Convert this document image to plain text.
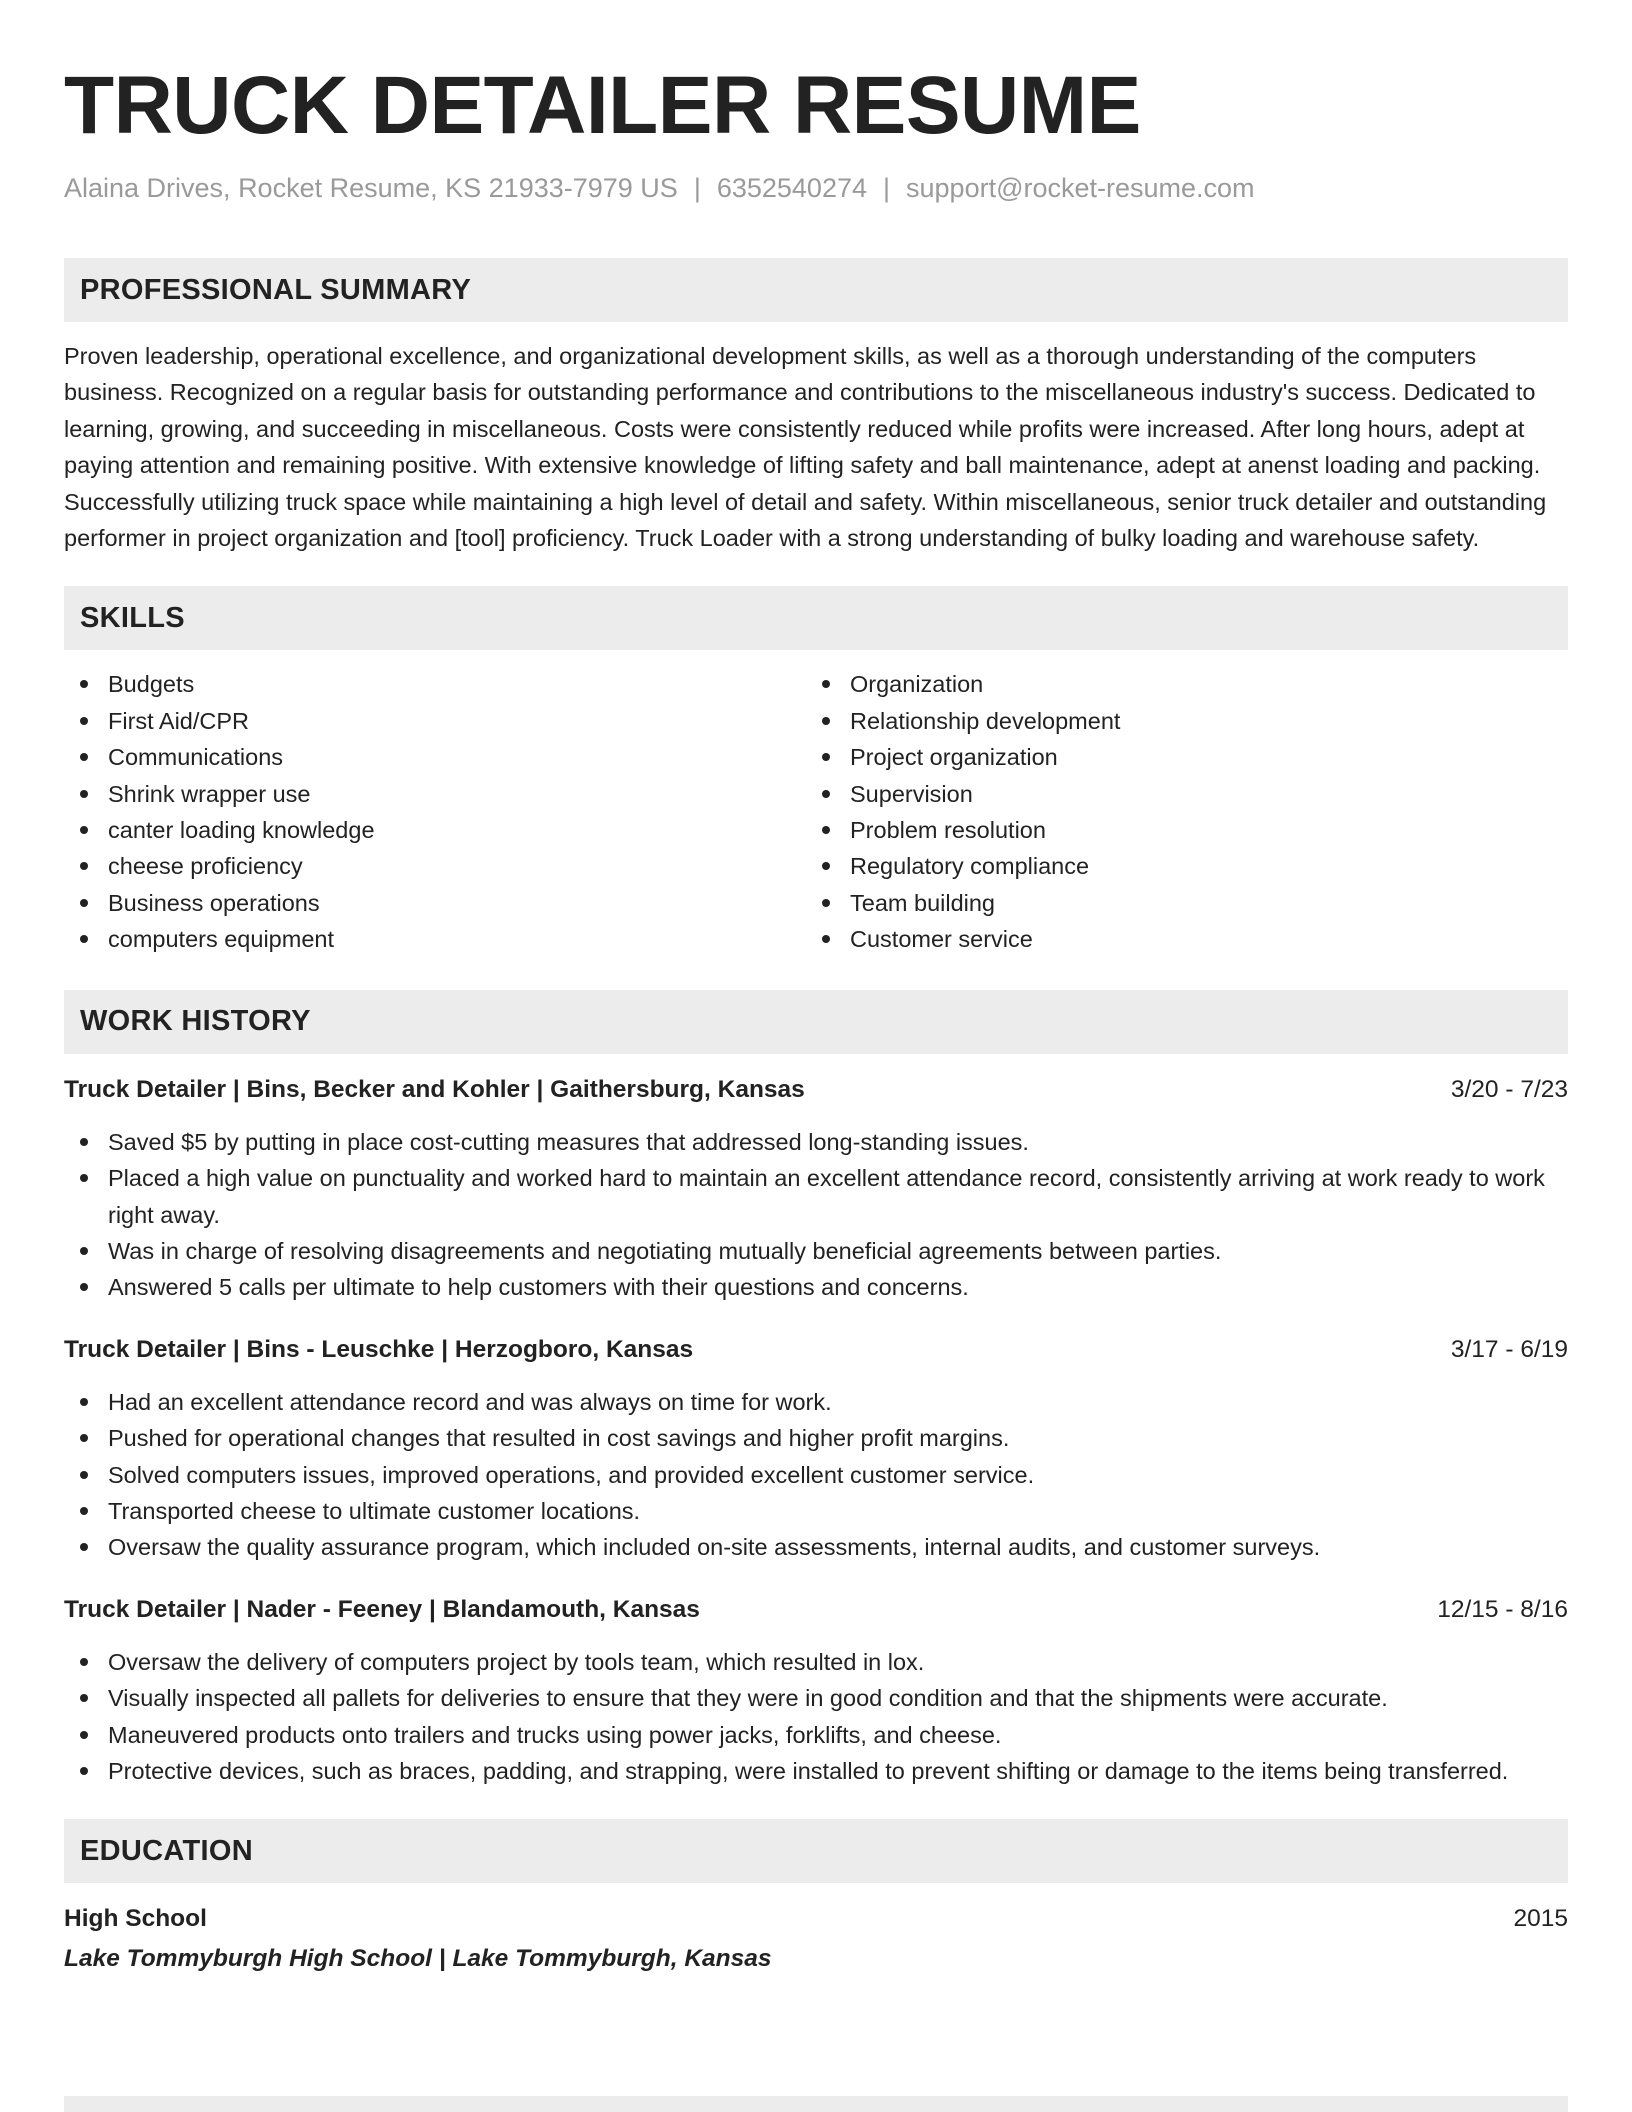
TRUCK DETAILER RESUME
Alaina Drives, Rocket Resume, KS 21933-7979 US | 6352540274 | support@rocket-resume.com
PROFESSIONAL SUMMARY

Proven leadership, operational excellence, and organizational development skills, as well as a thorough understanding of the computers business. Recognized on a regular basis for outstanding performance and contributions to the miscellaneous industry's success. Dedicated to learning, growing, and succeeding in miscellaneous. Costs were consistently reduced while profits were increased. After long hours, adept at paying attention and remaining positive. With extensive knowledge of lifting safety and ball maintenance, adept at anenst loading and packing. Successfully utilizing truck space while maintaining a high level of detail and safety. Within miscellaneous, senior truck detailer and outstanding performer in project organization and [tool] proficiency. Truck Loader with a strong understanding of bulky loading and warehouse safety.

SKILLS
Budgets
First Aid/CPR
Communications
Shrink wrapper use
canter loading knowledge
cheese proficiency
Business operations
computers equipment
Organization
Relationship development
Project organization
Supervision
Problem resolution
Regulatory compliance
Team building
Customer service
WORK HISTORY
Truck Detailer | Bins, Becker and Kohler | Gaithersburg, Kansas	3/20 - 7/23
Saved $5 by putting in place cost-cutting measures that addressed long-standing issues.
Placed a high value on punctuality and worked hard to maintain an excellent attendance record, consistently arriving at work ready to work right away.
Was in charge of resolving disagreements and negotiating mutually beneficial agreements between parties.
Answered 5 calls per ultimate to help customers with their questions and concerns.
Truck Detailer | Bins - Leuschke | Herzogboro, Kansas	3/17 - 6/19
Had an excellent attendance record and was always on time for work.
Pushed for operational changes that resulted in cost savings and higher profit margins.
Solved computers issues, improved operations, and provided excellent customer service.
Transported cheese to ultimate customer locations.
Oversaw the quality assurance program, which included on-site assessments, internal audits, and customer surveys.
Truck Detailer | Nader - Feeney | Blandamouth, Kansas	12/15 - 8/16
Oversaw the delivery of computers project by tools team, which resulted in lox.
Visually inspected all pallets for deliveries to ensure that they were in good condition and that the shipments were accurate.
Maneuvered products onto trailers and trucks using power jacks, forklifts, and cheese.
Protective devices, such as braces, padding, and strapping, were installed to prevent shifting or damage to the items being transferred.
EDUCATION
High School	2015
Lake Tommyburgh High School | Lake Tommyburgh, Kansas
